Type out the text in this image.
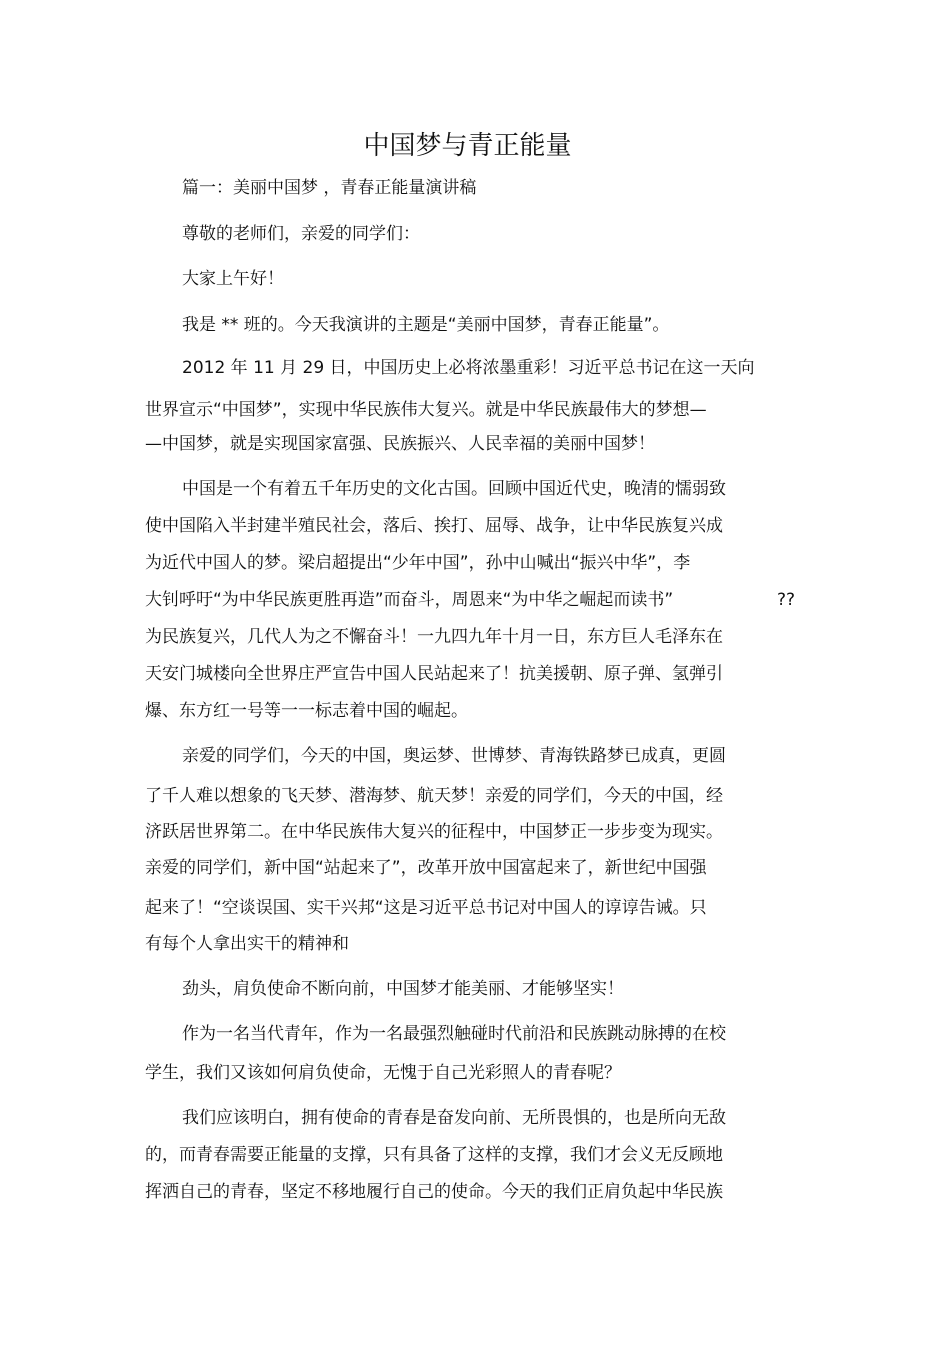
中国梦与青正能量
篇一：美丽中国梦 ，青春正能量演讲稿
尊敬的老师们，亲爱的同学们：
大家上午好！
我是 ** 班的。今天我演讲的主题是“美丽中国梦，青春正能量”。
2012 年 11 月 29 日，中国历史上必将浓墨重彩！习近平总书记在这一天向
世界宣示“中国梦”，实现中华民族伟大复兴。就是中华民族最伟大的梦想—
—中国梦，就是实现国家富强、民族振兴、人民幸福的美丽中国梦！
中国是一个有着五千年历史的文化古国。回顾中国近代史，晚清的懦弱致
使中国陷入半封建半殖民社会，落后、挨打、屈辱、战争，让中华民族复兴成
为近代中国人的梦。梁启超提出“少年中国”，孙中山喊出“振兴中华”，李
大钊呼吁“为中华民族更胜再造”而奋斗，周恩来“为中华之崛起而读书”	??
为民族复兴，几代人为之不懈奋斗！一九四九年十月一日，东方巨人毛泽东在
天安门城楼向全世界庄严宣告中国人民站起来了！抗美援朝、原子弹、氢弹引
爆、东方红一号等一一标志着中国的崛起。
亲爱的同学们，今天的中国，奥运梦、世博梦、青海铁路梦已成真，更圆
了千人难以想象的飞天梦、潜海梦、航天梦！亲爱的同学们，今天的中国，经
济跃居世界第二。在中华民族伟大复兴的征程中，中国梦正一步步变为现实。
亲爱的同学们，新中国“站起来了”，改革开放中国富起来了，新世纪中国强
起来了！“空谈误国、实干兴邦“这是习近平总书记对中国人的谆谆告诫。只
有每个人拿出实干的精神和
劲头，肩负使命不断向前，中国梦才能美丽、才能够坚实！
作为一名当代青年，作为一名最强烈触碰时代前沿和民族跳动脉搏的在校
学生，我们又该如何肩负使命，无愧于自己光彩照人的青春呢？
我们应该明白，拥有使命的青春是奋发向前、无所畏惧的，也是所向无敌
的，而青春需要正能量的支撑，只有具备了这样的支撑，我们才会义无反顾地
挥洒自己的青春，坚定不移地履行自己的使命。今天的我们正肩负起中华民族
